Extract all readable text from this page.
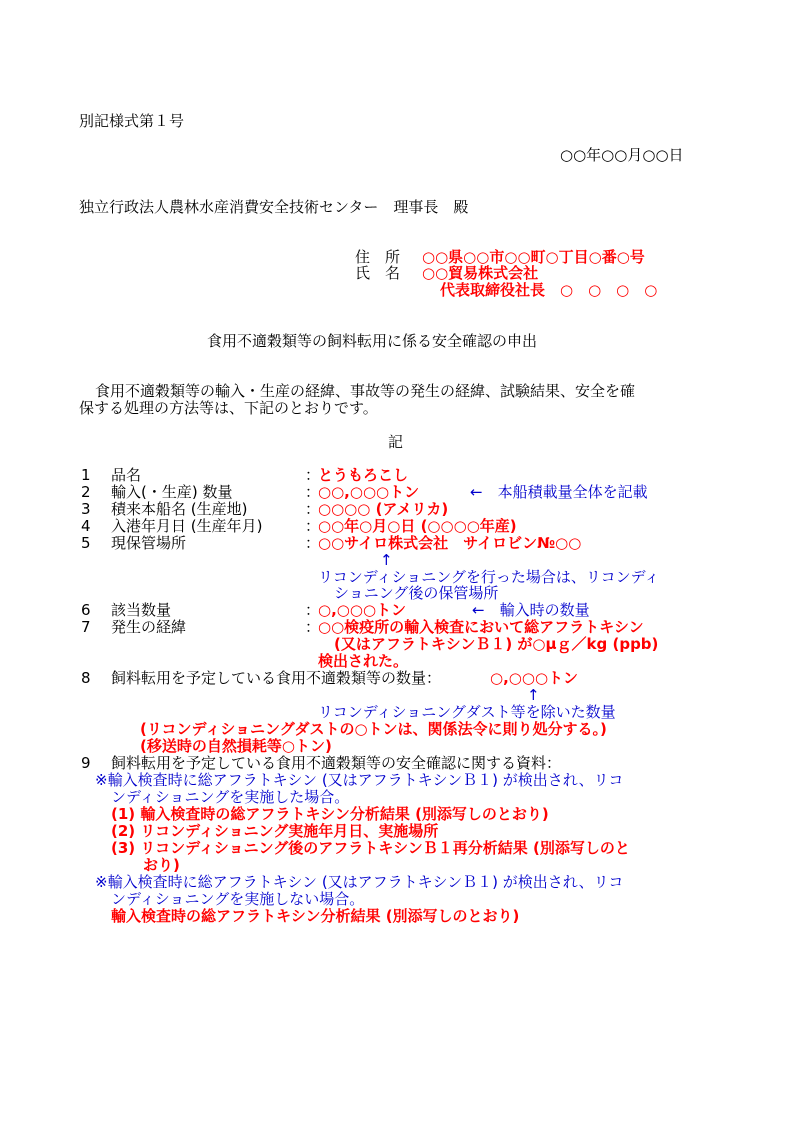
別記様式第１号
○○年○○月○○日
独立行政法人農林水産消費安全技術センター　理事長　殿
住　所 ○○県○○市○○町○丁目○番○号
氏　名 ○○貿易株式会社
代表取締役社長　○　○　○　○
食用不適穀類等の飼料転用に係る安全確認の申出
食用不適穀類等の輸入・生産の経緯、事故等の発生の経緯、試験結果、安全を確
保する処理の方法等は、下記のとおりです。
記
1 品名	：
とうもろこし
2 輸入(・生産) 数量	：
○○,○○○トン	←　本船積載量全体を記載
3 積来本船名 (生産地)	：
○○○○ (アメリカ)
4 入港年月日 (生産年月)	：
○○年○月○日 (○○○○年産)
5 現保管場所	：
○○サイロ株式会社　サイロビン№○○
↑
リコンディショニングを行った場合は、リコンディ
ショニング後の保管場所
6 該当数量	：
○,○○○トン	←　輸入時の数量
7 発生の経緯	：
○○検疫所の輸入検査において総アフラトキシン
(又はアフラトキシンＢ１) が○μｇ／kg (ppb)
検出された。
8 飼料転用を予定している食用不適穀類等の数量：	○,○○○トン
↑
リコンディショニングダスト等を除いた数量
(リコンディショニングダストの○トンは、関係法令に則り処分する。)
(移送時の自然損耗等○トン)
9 飼料転用を予定している食用不適穀類等の安全確認に関する資料：
※輸入検査時に総アフラトキシン (又はアフラトキシンＢ１) が検出され、リコ
ンディショニングを実施した場合。
(1) 輸入検査時の総アフラトキシン分析結果 (別添写しのとおり)
(2) リコンディショニング実施年月日、実施場所
(3) リコンディショニング後のアフラトキシンＢ１再分析結果 (別添写しのと
おり)
※輸入検査時に総アフラトキシン (又はアフラトキシンＢ１) が検出され、リコ
ンディショニングを実施しない場合。
輸入検査時の総アフラトキシン分析結果 (別添写しのとおり)
